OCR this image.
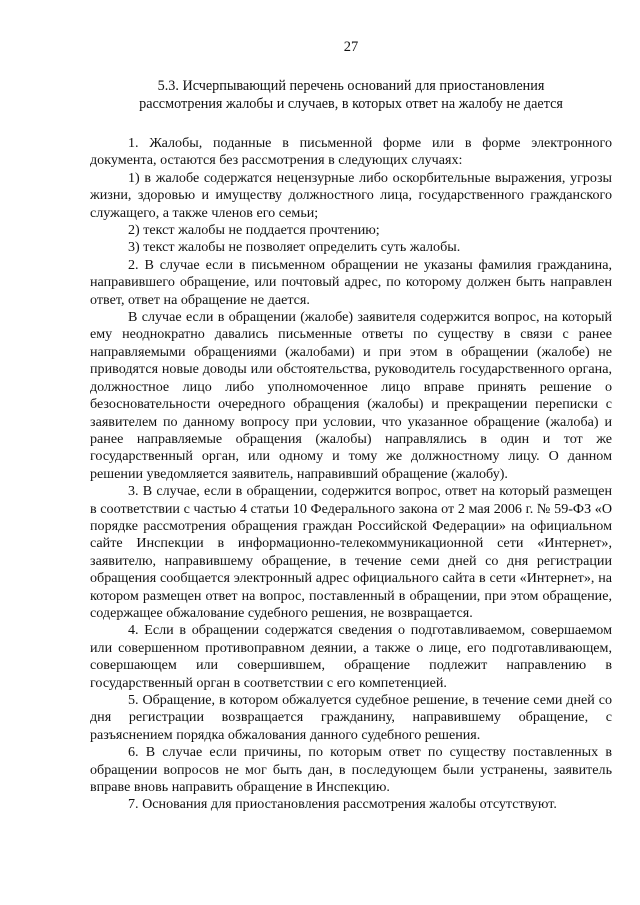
27
5.3. Исчерпывающий перечень оснований для приостановления
рассмотрения жалобы и случаев, в которых ответ на жалобу не дается

1. Жалобы, поданные в письменной форме или в форме электронного документа, остаются без рассмотрения в следующих случаях:

1) в жалобе содержатся нецензурные либо оскорбительные выражения, угрозы жизни, здоровью и имуществу должностного лица, государственного гражданского служащего, а также членов его семьи;

2) текст жалобы не поддается прочтению;

3) текст жалобы не позволяет определить суть жалобы.

2. В случае если в письменном обращении не указаны фамилия гражданина, направившего обращение, или почтовый адрес, по которому должен быть направлен ответ, ответ на обращение не дается.

В случае если в обращении (жалобе) заявителя содержится вопрос, на который ему неоднократно давались письменные ответы по существу в связи с ранее направляемыми обращениями (жалобами) и при этом в обращении (жалобе) не приводятся новые доводы или обстоятельства, руководитель государственного органа, должностное лицо либо уполномоченное лицо вправе принять решение о безосновательности очередного обращения (жалобы) и прекращении переписки с заявителем по данному вопросу при условии, что указанное обращение (жалоба) и ранее направляемые обращения (жалобы) направлялись в один и тот же государственный орган, или одному и тому же должностному лицу. О данном решении уведомляется заявитель, направивший обращение (жалобу).

3. В случае, если в обращении, содержится вопрос, ответ на который размещен в соответствии с частью 4 статьи 10 Федерального закона от 2 мая 2006 г. № 59-ФЗ «О порядке рассмотрения обращения граждан Российской Федерации» на официальном сайте Инспекции в информационно-телекоммуникационной сети «Интернет», заявителю, направившему обращение, в течение семи дней со дня регистрации обращения сообщается электронный адрес официального сайта в сети «Интернет», на котором размещен ответ на вопрос, поставленный в обращении, при этом обращение, содержащее обжалование судебного решения, не возвращается.

4. Если в обращении содержатся сведения о подготавливаемом, совершаемом или совершенном противоправном деянии, а также о лице, его подготавливающем, совершающем или совершившем, обращение подлежит направлению в государственный орган в соответствии с его компетенцией.

5. Обращение, в котором обжалуется судебное решение, в течение семи дней со дня регистрации возвращается гражданину, направившему обращение, с разъяснением порядка обжалования данного судебного решения.

6. В случае если причины, по которым ответ по существу поставленных в обращении вопросов не мог быть дан, в последующем были устранены, заявитель вправе вновь направить обращение в Инспекцию.

7. Основания для приостановления рассмотрения жалобы отсутствуют.
